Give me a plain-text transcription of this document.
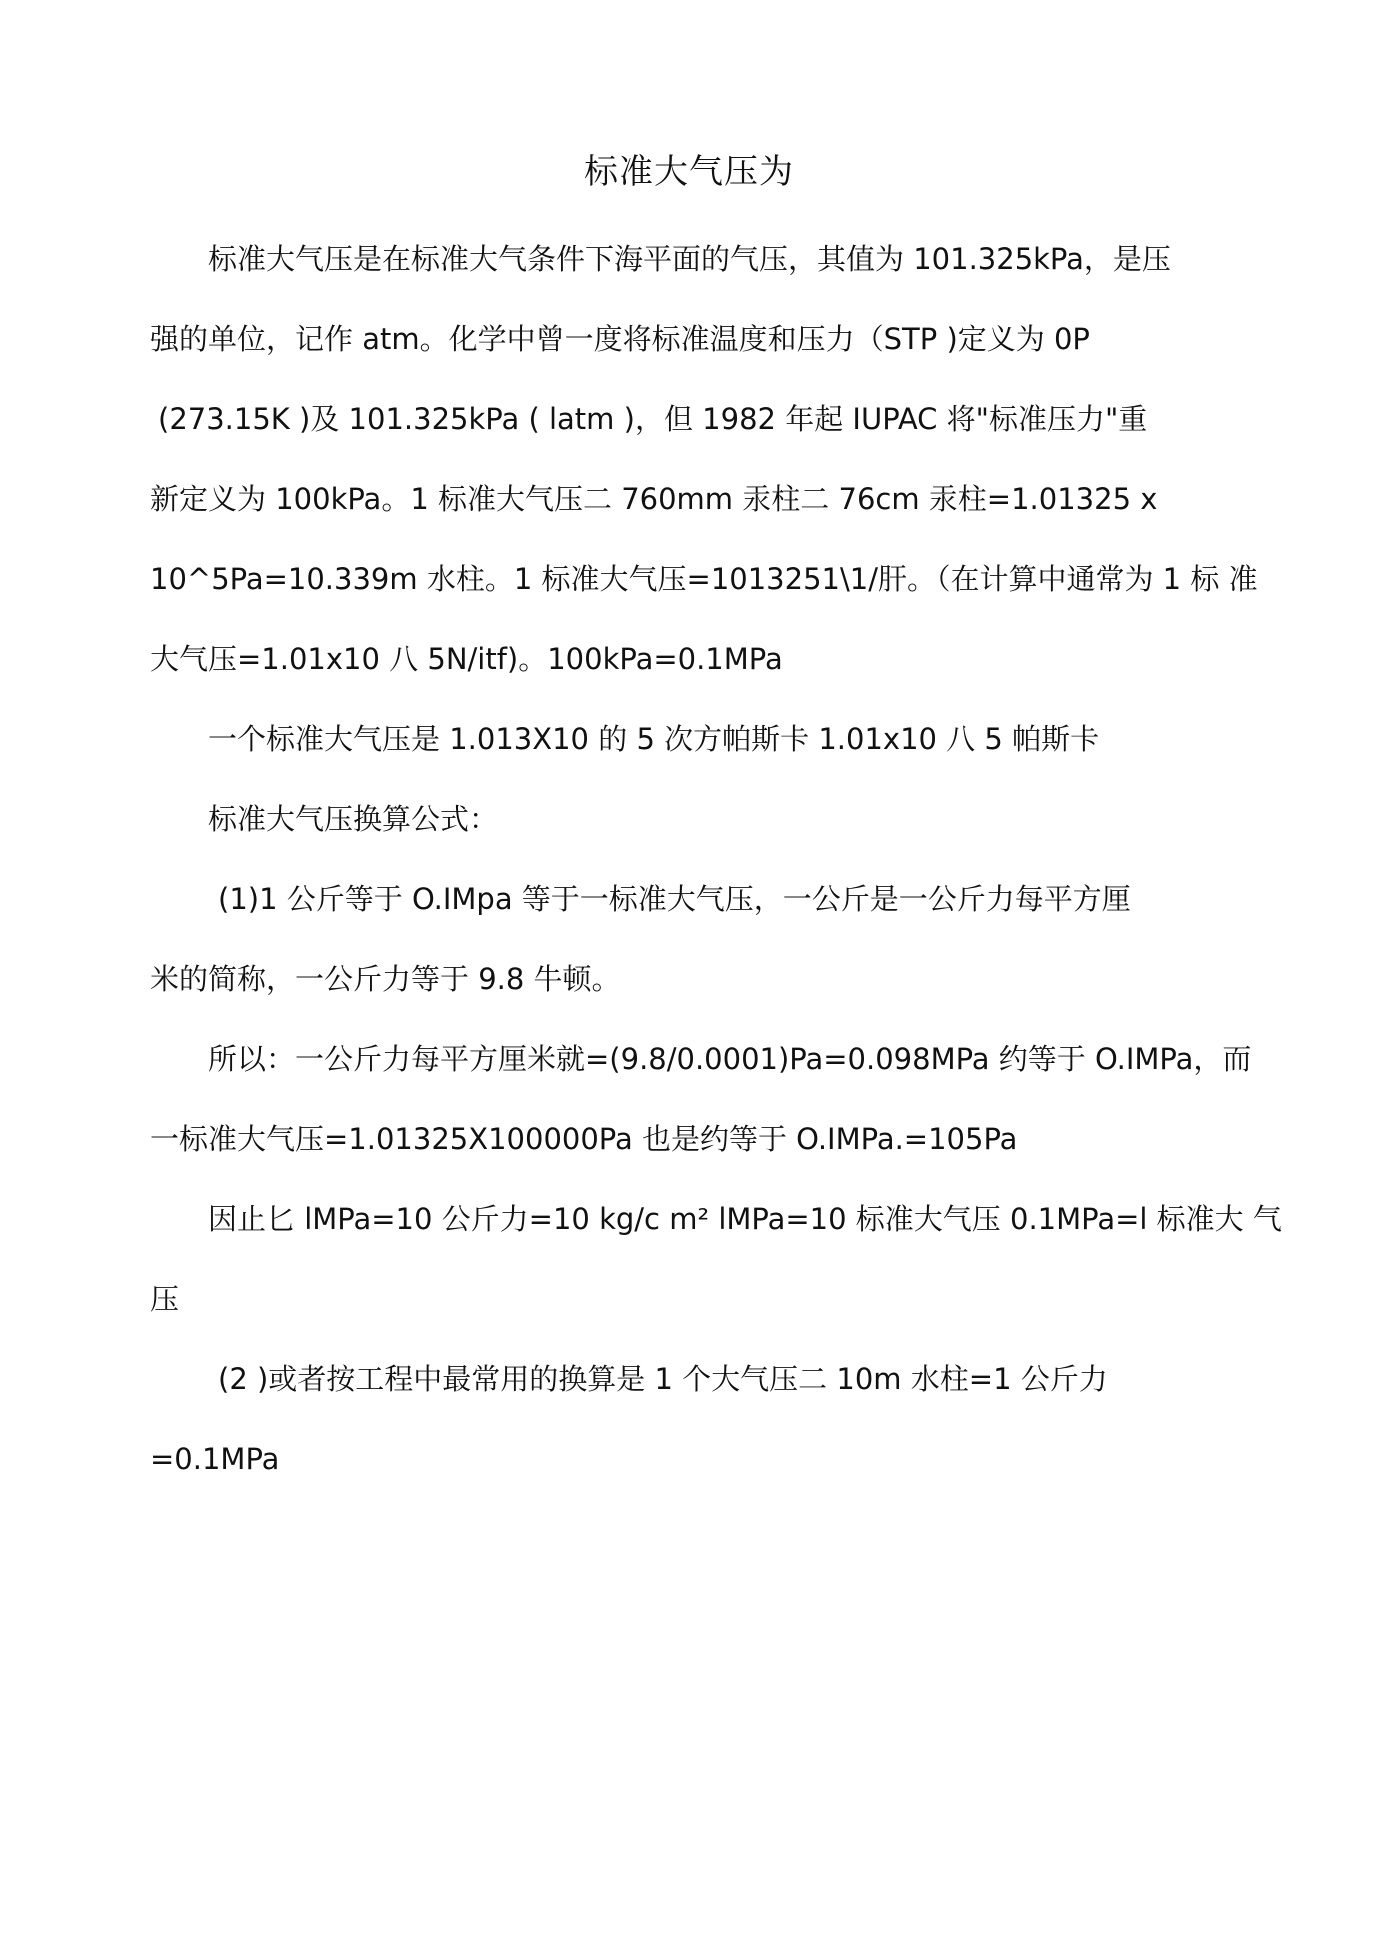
标准大气压为
标准大气压是在标准大气条件下海平面的气压，其值为 101.325kPa，是压
强的单位，记作 atm。化学中曾一度将标准温度和压力（STP )定义为 0P
(273.15K )及 101.325kPa ( latm )，但 1982 年起 IUPAC 将"标准压力"重
新定义为 100kPa。1 标准大气压二 760mm 汞柱二 76cm 汞柱=1.01325 x
10^5Pa=10.339m 水柱。1 标准大气压=1013251\1/肝。（在计算中通常为 1 标 准
大气压=1.01x10 八 5N/itf)。100kPa=0.1MPa
一个标准大气压是 1.013X10 的 5 次方帕斯卡 1.01x10 八 5 帕斯卡
标准大气压换算公式：
(1)1 公斤等于 O.IMpa 等于一标准大气压，一公斤是一公斤力每平方厘
米的简称，一公斤力等于 9.8 牛顿。
所以：一公斤力每平方厘米就=(9.8/0.0001)Pa=0.098MPa 约等于 O.IMPa，而
一标准大气压=1.01325X100000Pa 也是约等于 O.IMPa.=105Pa
因止匕 lMPa=10 公斤力=10 kg/c m² lMPa=10 标准大气压 0.1MPa=l 标准大 气
压
(2 )或者按工程中最常用的换算是 1 个大气压二 10m 水柱=1 公斤力
=0.1MPa
